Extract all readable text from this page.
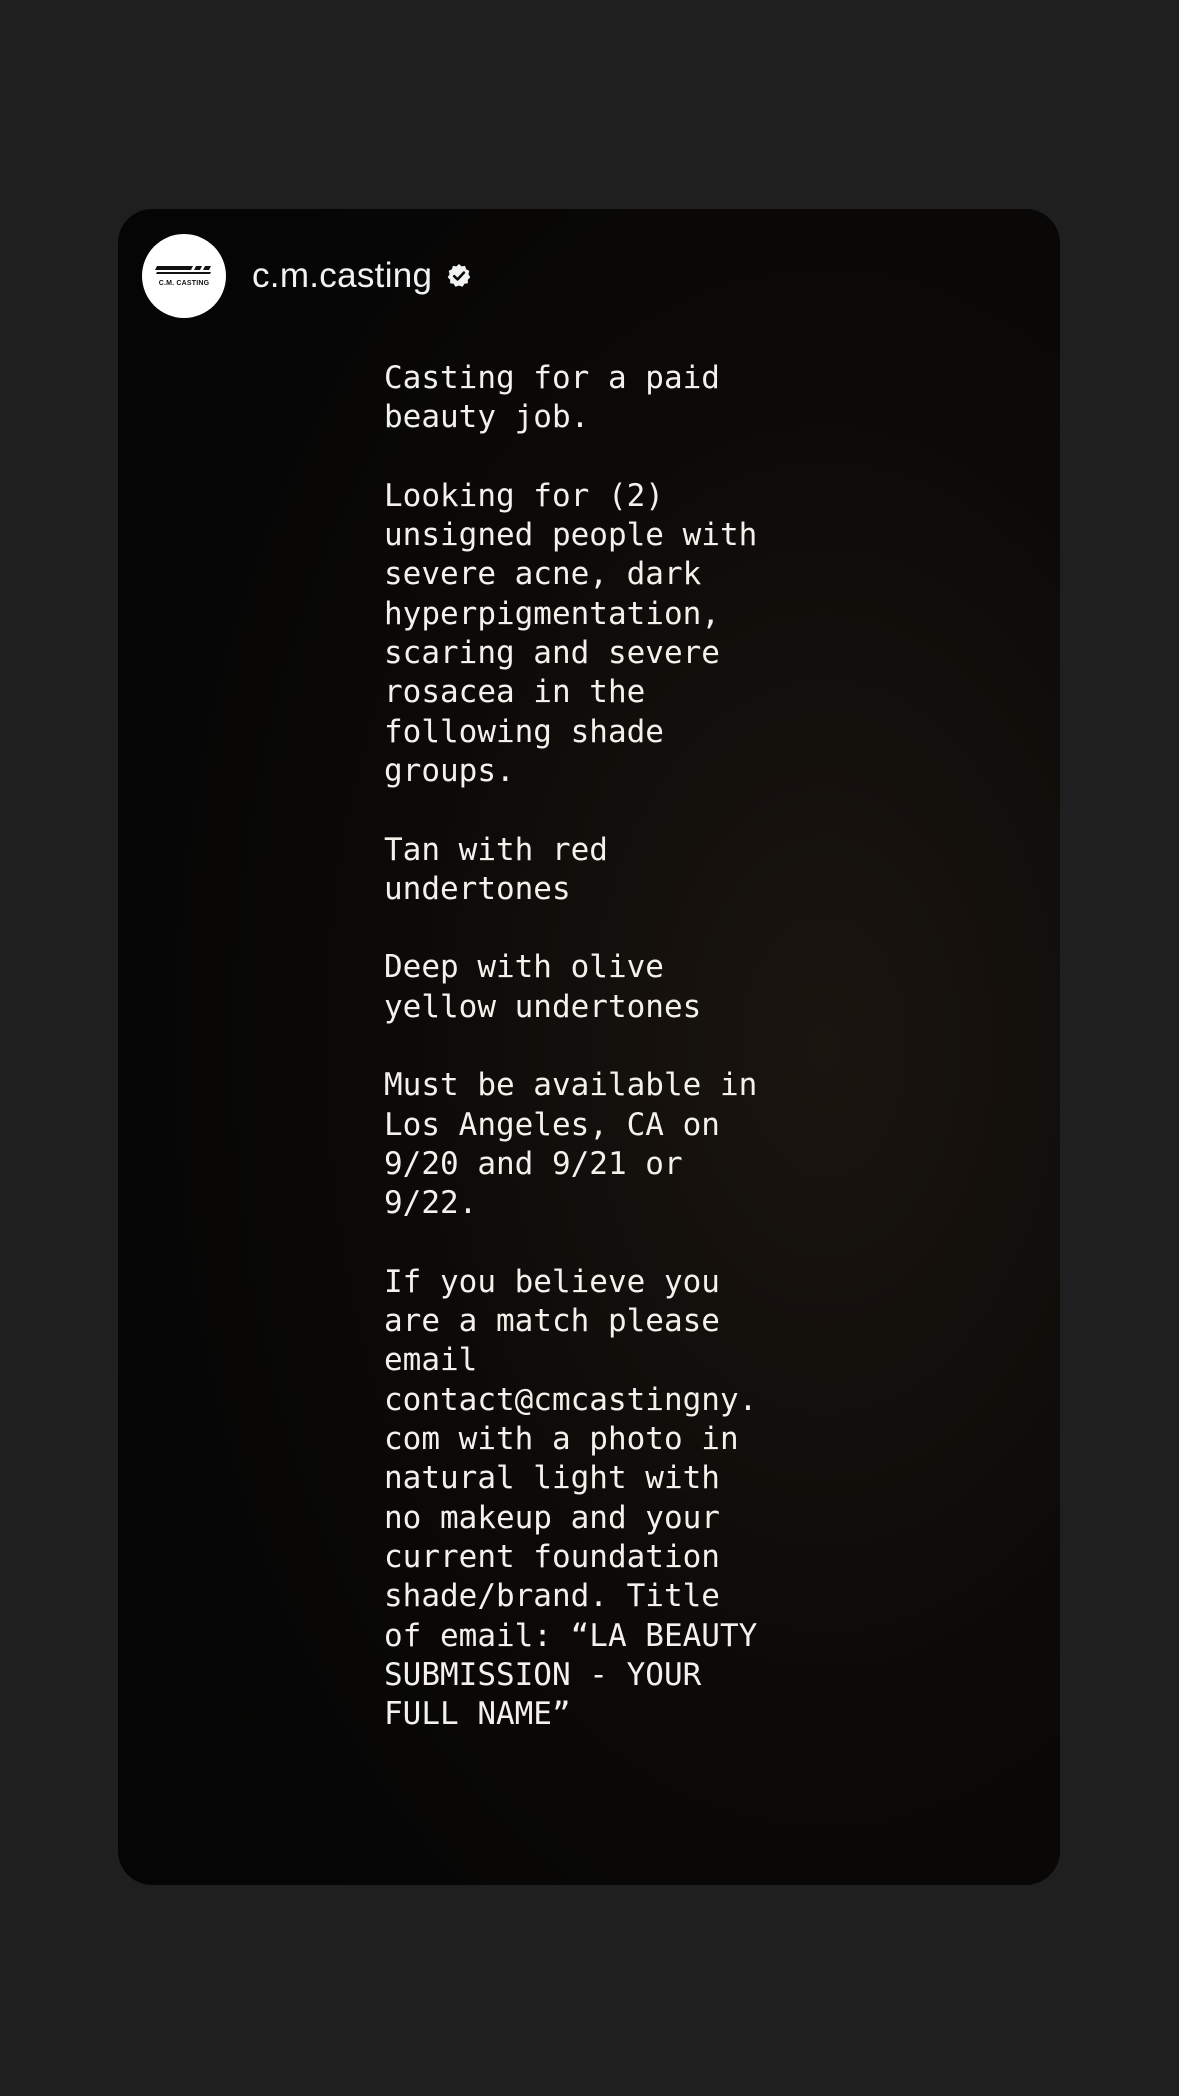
C.M. CASTING c.m.casting

Casting for a paid
beauty job.

Looking for (2)
unsigned people with
severe acne, dark
hyperpigmentation,
scaring and severe
rosacea in the
following shade
groups.

Tan with red
undertones

Deep with olive
yellow undertones

Must be available in
Los Angeles, CA on
9/20 and 9/21 or
9/22.

If you believe you
are a match please
email
contact@cmcastingny.
com with a photo in
natural light with
no makeup and your
current foundation
shade/brand. Title
of email: “LA BEAUTY
SUBMISSION - YOUR
FULL NAME”
